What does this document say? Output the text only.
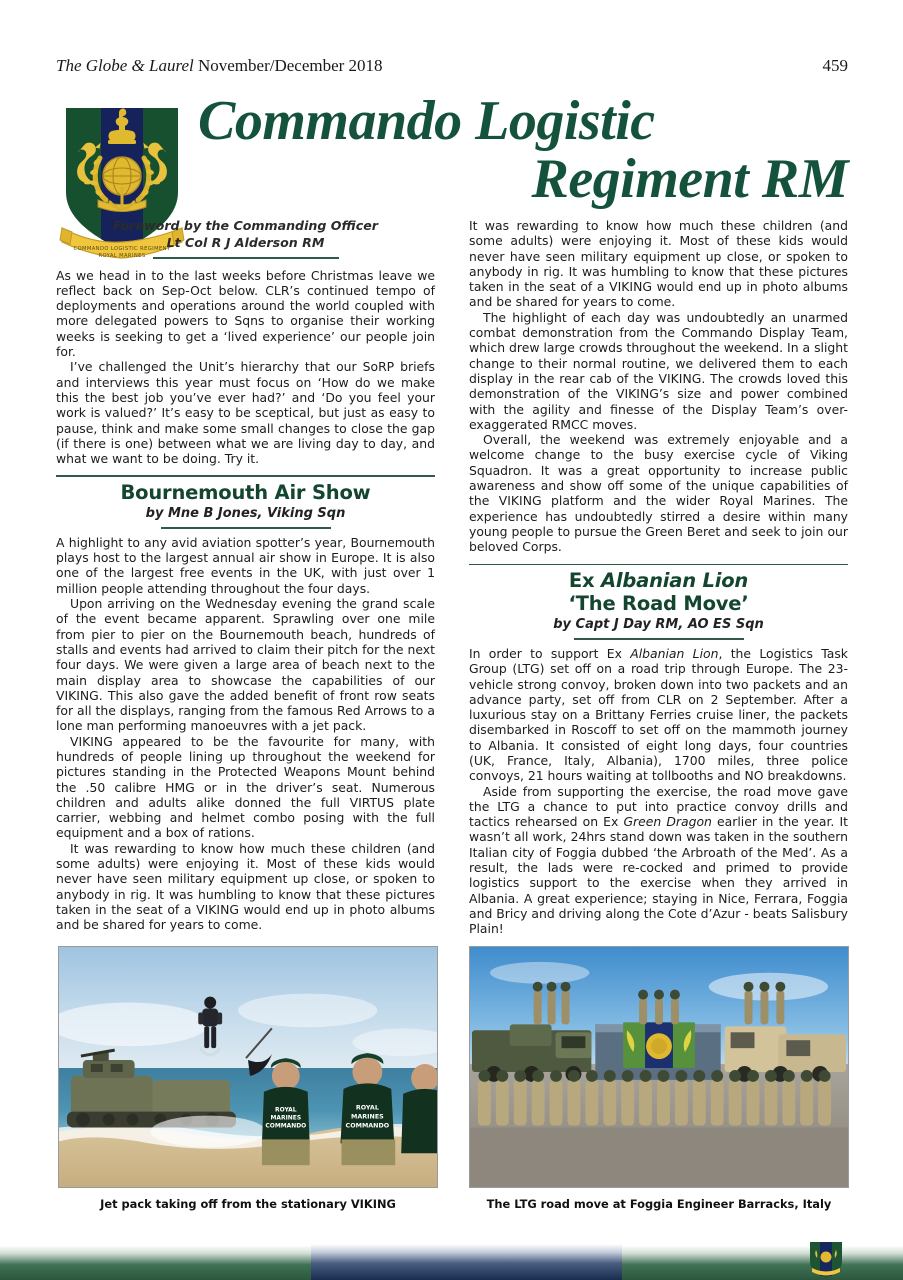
The Globe & Laurel November/December 2018	459
COMMANDO LOGISTIC REGIMENT
ROYAL MARINES
Commando Logistic
Regiment RM
Foreword by the Commanding Officer
Lt Col R J Alderson RM

As we head in to the last weeks before Christmas leave we reflect back on Sep-Oct below. CLR’s continued tempo of deployments and operations around the world coupled with more delegated powers to Sqns to organise their working weeks is seeking to get a ‘lived experience’ our people join for.

I’ve challenged the Unit’s hierarchy that our SoRP briefs and interviews this year must focus on ‘How do we make this the best job you’ve ever had?’ and ‘Do you feel your work is valued?’ It’s easy to be sceptical, but just as easy to pause, think and make some small changes to close the gap (if there is one) between what we are living day to day, and what we want to be doing. Try it.

Bournemouth Air Show
by Mne B Jones, Viking Sqn

A highlight to any avid aviation spotter’s year, Bournemouth plays host to the largest annual air show in Europe. It is also one of the largest free events in the UK, with just over 1 million people attending throughout the four days.

Upon arriving on the Wednesday evening the grand scale of the event became apparent. Sprawling over one mile from pier to pier on the Bournemouth beach, hundreds of stalls and events had arrived to claim their pitch for the next four days. We were given a large area of beach next to the main display area to showcase the capabilities of our VIKING. This also gave the added benefit of front row seats for all the displays, ranging from the famous Red Arrows to a lone man performing manoeuvres with a jet pack.

VIKING appeared to be the favourite for many, with hundreds of people lining up throughout the weekend for pictures standing in the Protected Weapons Mount behind the .50 calibre HMG or in the driver’s seat. Numerous children and adults alike donned the full VIRTUS plate carrier, webbing and helmet combo posing with the full equipment and a box of rations.

It was rewarding to know how much these children (and some adults) were enjoying it. Most of these kids would never have seen military equipment up close, or spoken to anybody in rig. It was humbling to know that these pictures taken in the seat of a VIKING would end up in photo albums and be shared for years to come.

It was rewarding to know how much these children (and some adults) were enjoying it. Most of these kids would never have seen military equipment up close, or spoken to anybody in rig. It was humbling to know that these pictures taken in the seat of a VIKING would end up in photo albums and be shared for years to come.

The highlight of each day was undoubtedly an unarmed combat demonstration from the Commando Display Team, which drew large crowds throughout the weekend. In a slight change to their normal routine, we delivered them to each display in the rear cab of the VIKING. The crowds loved this demonstration of the VIKING’s size and power combined with the agility and finesse of the Display Team’s over-exaggerated RMCC moves.

Overall, the weekend was extremely enjoyable and a welcome change to the busy exercise cycle of Viking Squadron. It was a great opportunity to increase public awareness and show off some of the unique capabilities of the VIKING platform and the wider Royal Marines. The experience has undoubtedly stirred a desire within many young people to pursue the Green Beret and seek to join our beloved Corps.

Ex Albanian Lion
‘The Road Move’
by Capt J Day RM, AO ES Sqn

In order to support Ex Albanian Lion, the Logistics Task Group (LTG) set off on a road trip through Europe. The 23-vehicle strong convoy, broken down into two packets and an advance party, set off from CLR on 2 September. After a luxurious stay on a Brittany Ferries cruise liner, the packets disembarked in Roscoff to set off on the mammoth journey to Albania. It consisted of eight long days, four countries (UK, France, Italy, Albania), 1700 miles, three police convoys, 21 hours waiting at tollbooths and NO breakdowns.

Aside from supporting the exercise, the road move gave the LTG a chance to put into practice convoy drills and tactics rehearsed on Ex Green Dragon earlier in the year. It wasn’t all work, 24hrs stand down was taken in the southern Italian city of Foggia dubbed ‘the Arbroath of the Med’. As a result, the lads were re-cocked and primed to provide logistics support to the exercise when they arrived in Albania. A great experience; staying in Nice, Ferrara, Foggia and Bricy and driving along the Cote d’Azur - beats Salisbury Plain!

ROYAL
MARINES
COMMANDO
ROYAL
MARINES
COMMANDO
Jet pack taking off from the stationary VIKING	The LTG road move at Foggia Engineer Barracks, Italy
